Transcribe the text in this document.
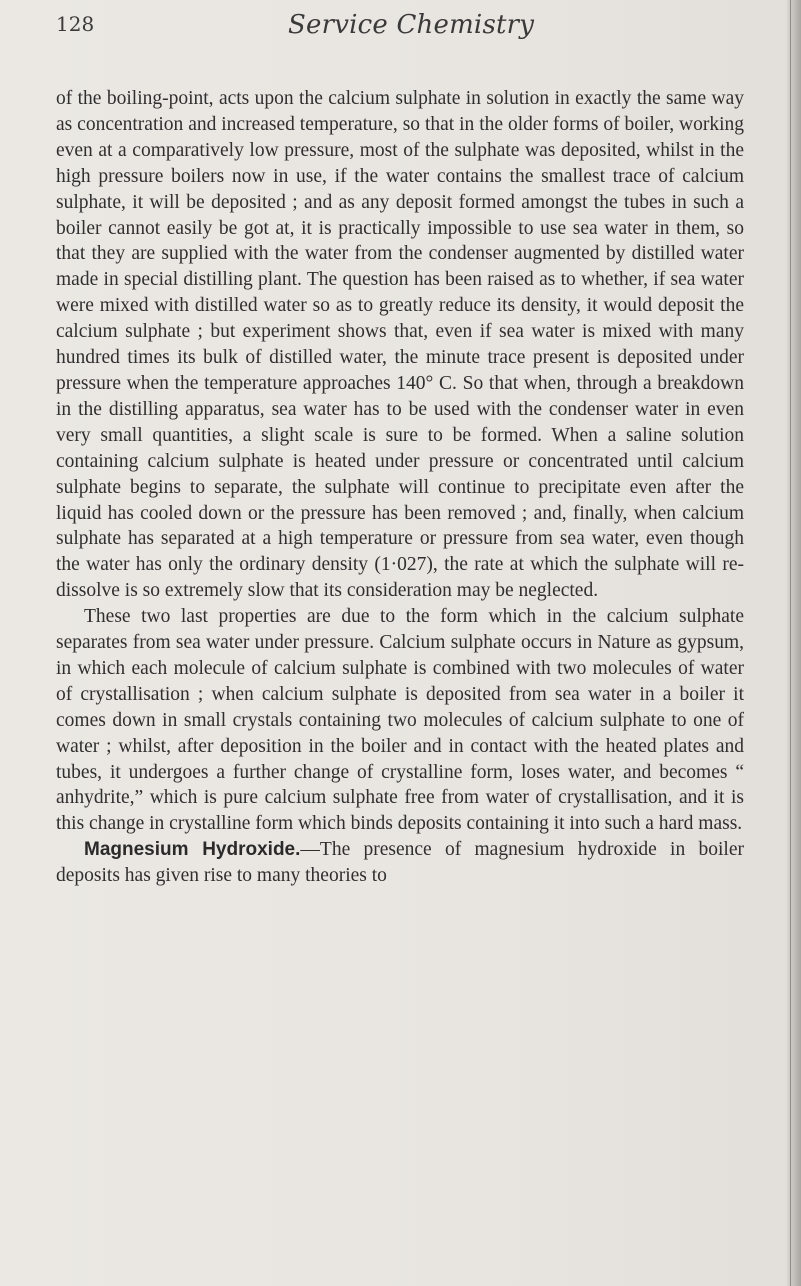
128	Service Chemistry

of the boiling-point, acts upon the calcium sulphate in solution in exactly the same way as concentration and increased temperature, so that in the older forms of boiler, working even at a comparatively low pressure, most of the sulphate was deposited, whilst in the high pressure boilers now in use, if the water contains the smallest trace of calcium sulphate, it will be deposited ; and as any deposit formed amongst the tubes in such a boiler cannot easily be got at, it is practically impossible to use sea water in them, so that they are supplied with the water from the condenser augmented by distilled water made in special distilling plant. The question has been raised as to whether, if sea water were mixed with distilled water so as to greatly reduce its density, it would deposit the calcium sulphate ; but experiment shows that, even if sea water is mixed with many hundred times its bulk of distilled water, the minute trace present is deposited under pressure when the temperature approaches 140° C. So that when, through a breakdown in the distilling apparatus, sea water has to be used with the condenser water in even very small quantities, a slight scale is sure to be formed. When a saline solution containing calcium sulphate is heated under pressure or concentrated until calcium sulphate begins to separate, the sulphate will continue to precipitate even after the liquid has cooled down or the pressure has been removed ; and, finally, when calcium sulphate has separated at a high temperature or pressure from sea water, even though the water has only the ordinary density (1·027), the rate at which the sulphate will re-dissolve is so extremely slow that its consideration may be neglected.

These two last properties are due to the form which in the calcium sulphate separates from sea water under pressure. Calcium sulphate occurs in Nature as gypsum, in which each molecule of calcium sulphate is combined with two molecules of water of crystallisation ; when calcium sulphate is deposited from sea water in a boiler it comes down in small crystals containing two molecules of calcium sulphate to one of water ; whilst, after deposition in the boiler and in contact with the heated plates and tubes, it undergoes a further change of crystalline form, loses water, and becomes “ anhydrite,” which is pure calcium sulphate free from water of crystallisation, and it is this change in crystalline form which binds deposits containing it into such a hard mass.

Magnesium Hydroxide.—The presence of magnesium hydroxide in boiler deposits has given rise to many theories to
